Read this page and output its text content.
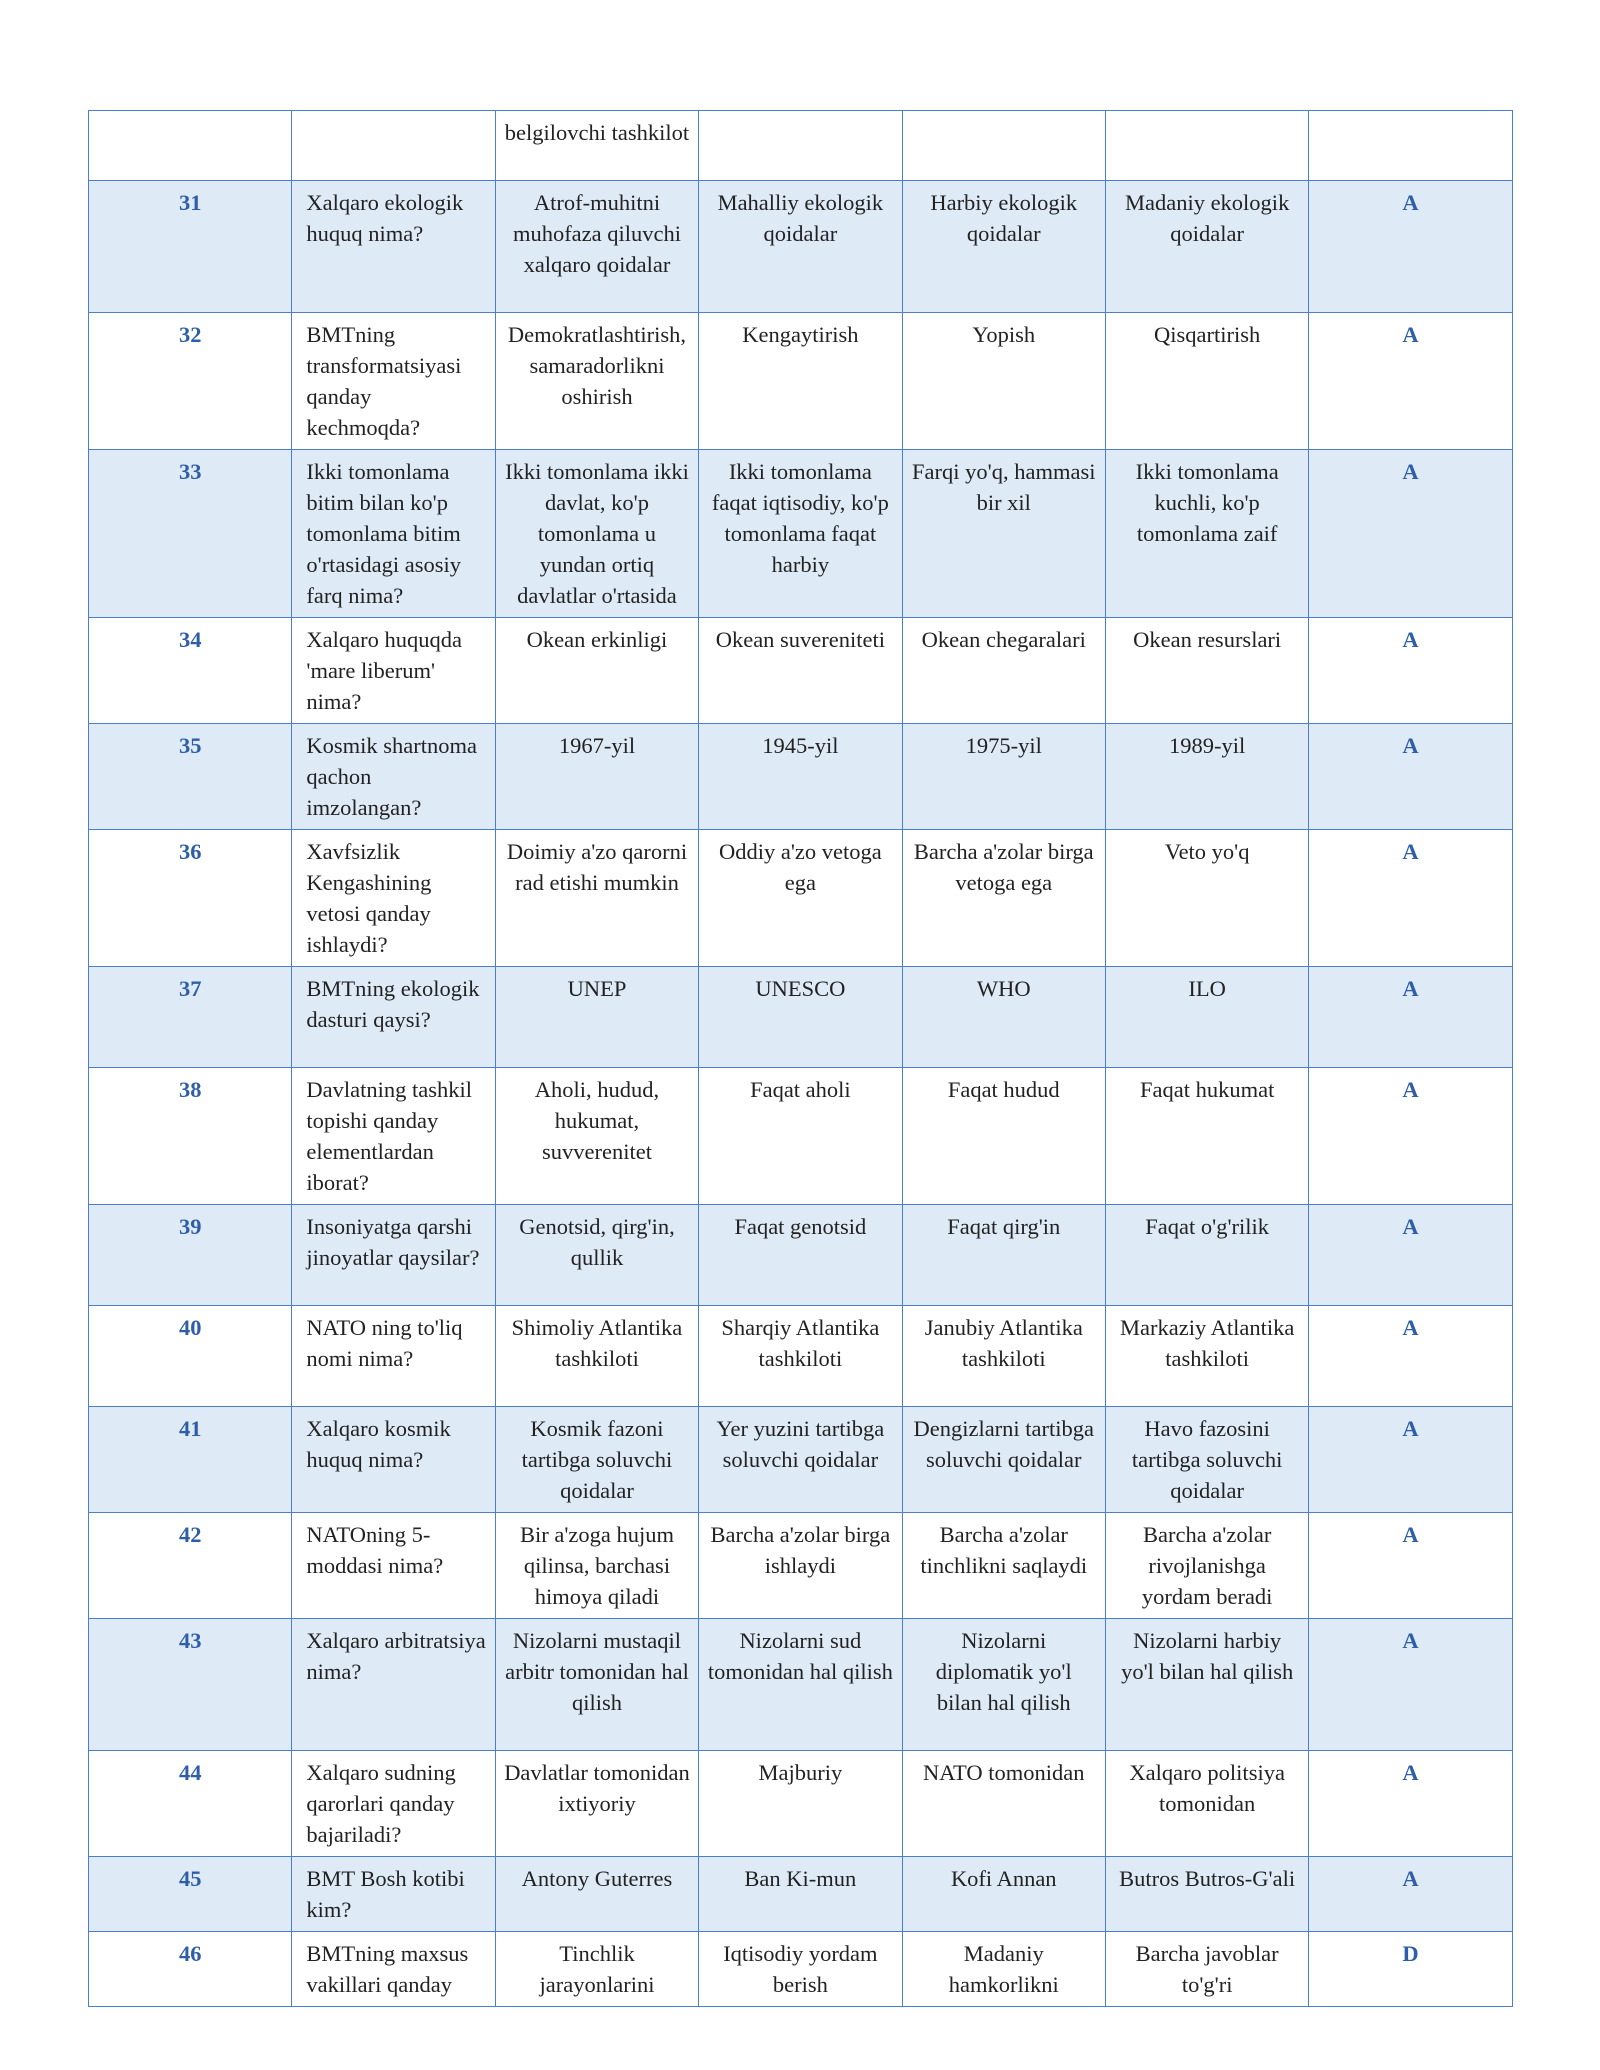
		belgilovchi tashkilot				
31	Xalqaro ekologik huquq nima?	Atrof-muhitni muhofaza qiluvchi xalqaro qoidalar	Mahalliy ekologik qoidalar	Harbiy ekologik qoidalar	Madaniy ekologik qoidalar	A
32	BMTning transformatsiyasi qanday kechmoqda?	Demokratlashtirish, samaradorlikni oshirish	Kengaytirish	Yopish	Qisqartirish	A
33	Ikki tomonlama bitim bilan ko'p tomonlama bitim o'rtasidagi asosiy farq nima?	Ikki tomonlama ikki davlat, ko'p tomonlama u yundan ortiq davlatlar o'rtasida	Ikki tomonlama faqat iqtisodiy, ko'p tomonlama faqat harbiy	Farqi yo'q, hammasi bir xil	Ikki tomonlama kuchli, ko'p tomonlama zaif	A
34	Xalqaro huquqda 'mare liberum' nima?	Okean erkinligi	Okean suvereniteti	Okean chegaralari	Okean resurslari	A
35	Kosmik shartnoma qachon imzolangan?	1967-yil	1945-yil	1975-yil	1989-yil	A
36	Xavfsizlik Kengashining vetosi qanday ishlaydi?	Doimiy a'zo qarorni rad etishi mumkin	Oddiy a'zo vetoga ega	Barcha a'zolar birga vetoga ega	Veto yo'q	A
37	BMTning ekologik dasturi qaysi?	UNEP	UNESCO	WHO	ILO	A
38	Davlatning tashkil topishi qanday elementlardan iborat?	Aholi, hudud, hukumat, suvverenitet	Faqat aholi	Faqat hudud	Faqat hukumat	A
39	Insoniyatga qarshi jinoyatlar qaysilar?	Genotsid, qirg'in, qullik	Faqat genotsid	Faqat qirg'in	Faqat o'g'rilik	A
40	NATO ning to'liq nomi nima?	Shimoliy Atlantika tashkiloti	Sharqiy Atlantika tashkiloti	Janubiy Atlantika tashkiloti	Markaziy Atlantika tashkiloti	A
41	Xalqaro kosmik huquq nima?	Kosmik fazoni tartibga soluvchi qoidalar	Yer yuzini tartibga soluvchi qoidalar	Dengizlarni tartibga soluvchi qoidalar	Havo fazosini tartibga soluvchi qoidalar	A
42	NATOning 5-moddasi nima?	Bir a'zoga hujum qilinsa, barchasi himoya qiladi	Barcha a'zolar birga ishlaydi	Barcha a'zolar tinchlikni saqlaydi	Barcha a'zolar rivojlanishga yordam beradi	A
43	Xalqaro arbitratsiya nima?	Nizolarni mustaqil arbitr tomonidan hal qilish	Nizolarni sud tomonidan hal qilish	Nizolarni diplomatik yo'l bilan hal qilish	Nizolarni harbiy yo'l bilan hal qilish	A
44	Xalqaro sudning qarorlari qanday bajariladi?	Davlatlar tomonidan ixtiyoriy	Majburiy	NATO tomonidan	Xalqaro politsiya tomonidan	A
45	BMT Bosh kotibi kim?	Antony Guterres	Ban Ki-mun	Kofi Annan	Butros Butros-G'ali	A
46	BMTning maxsus vakillari qanday	Tinchlik jarayonlarini	Iqtisodiy yordam berish	Madaniy hamkorlikni	Barcha javoblar to'g'ri	D
